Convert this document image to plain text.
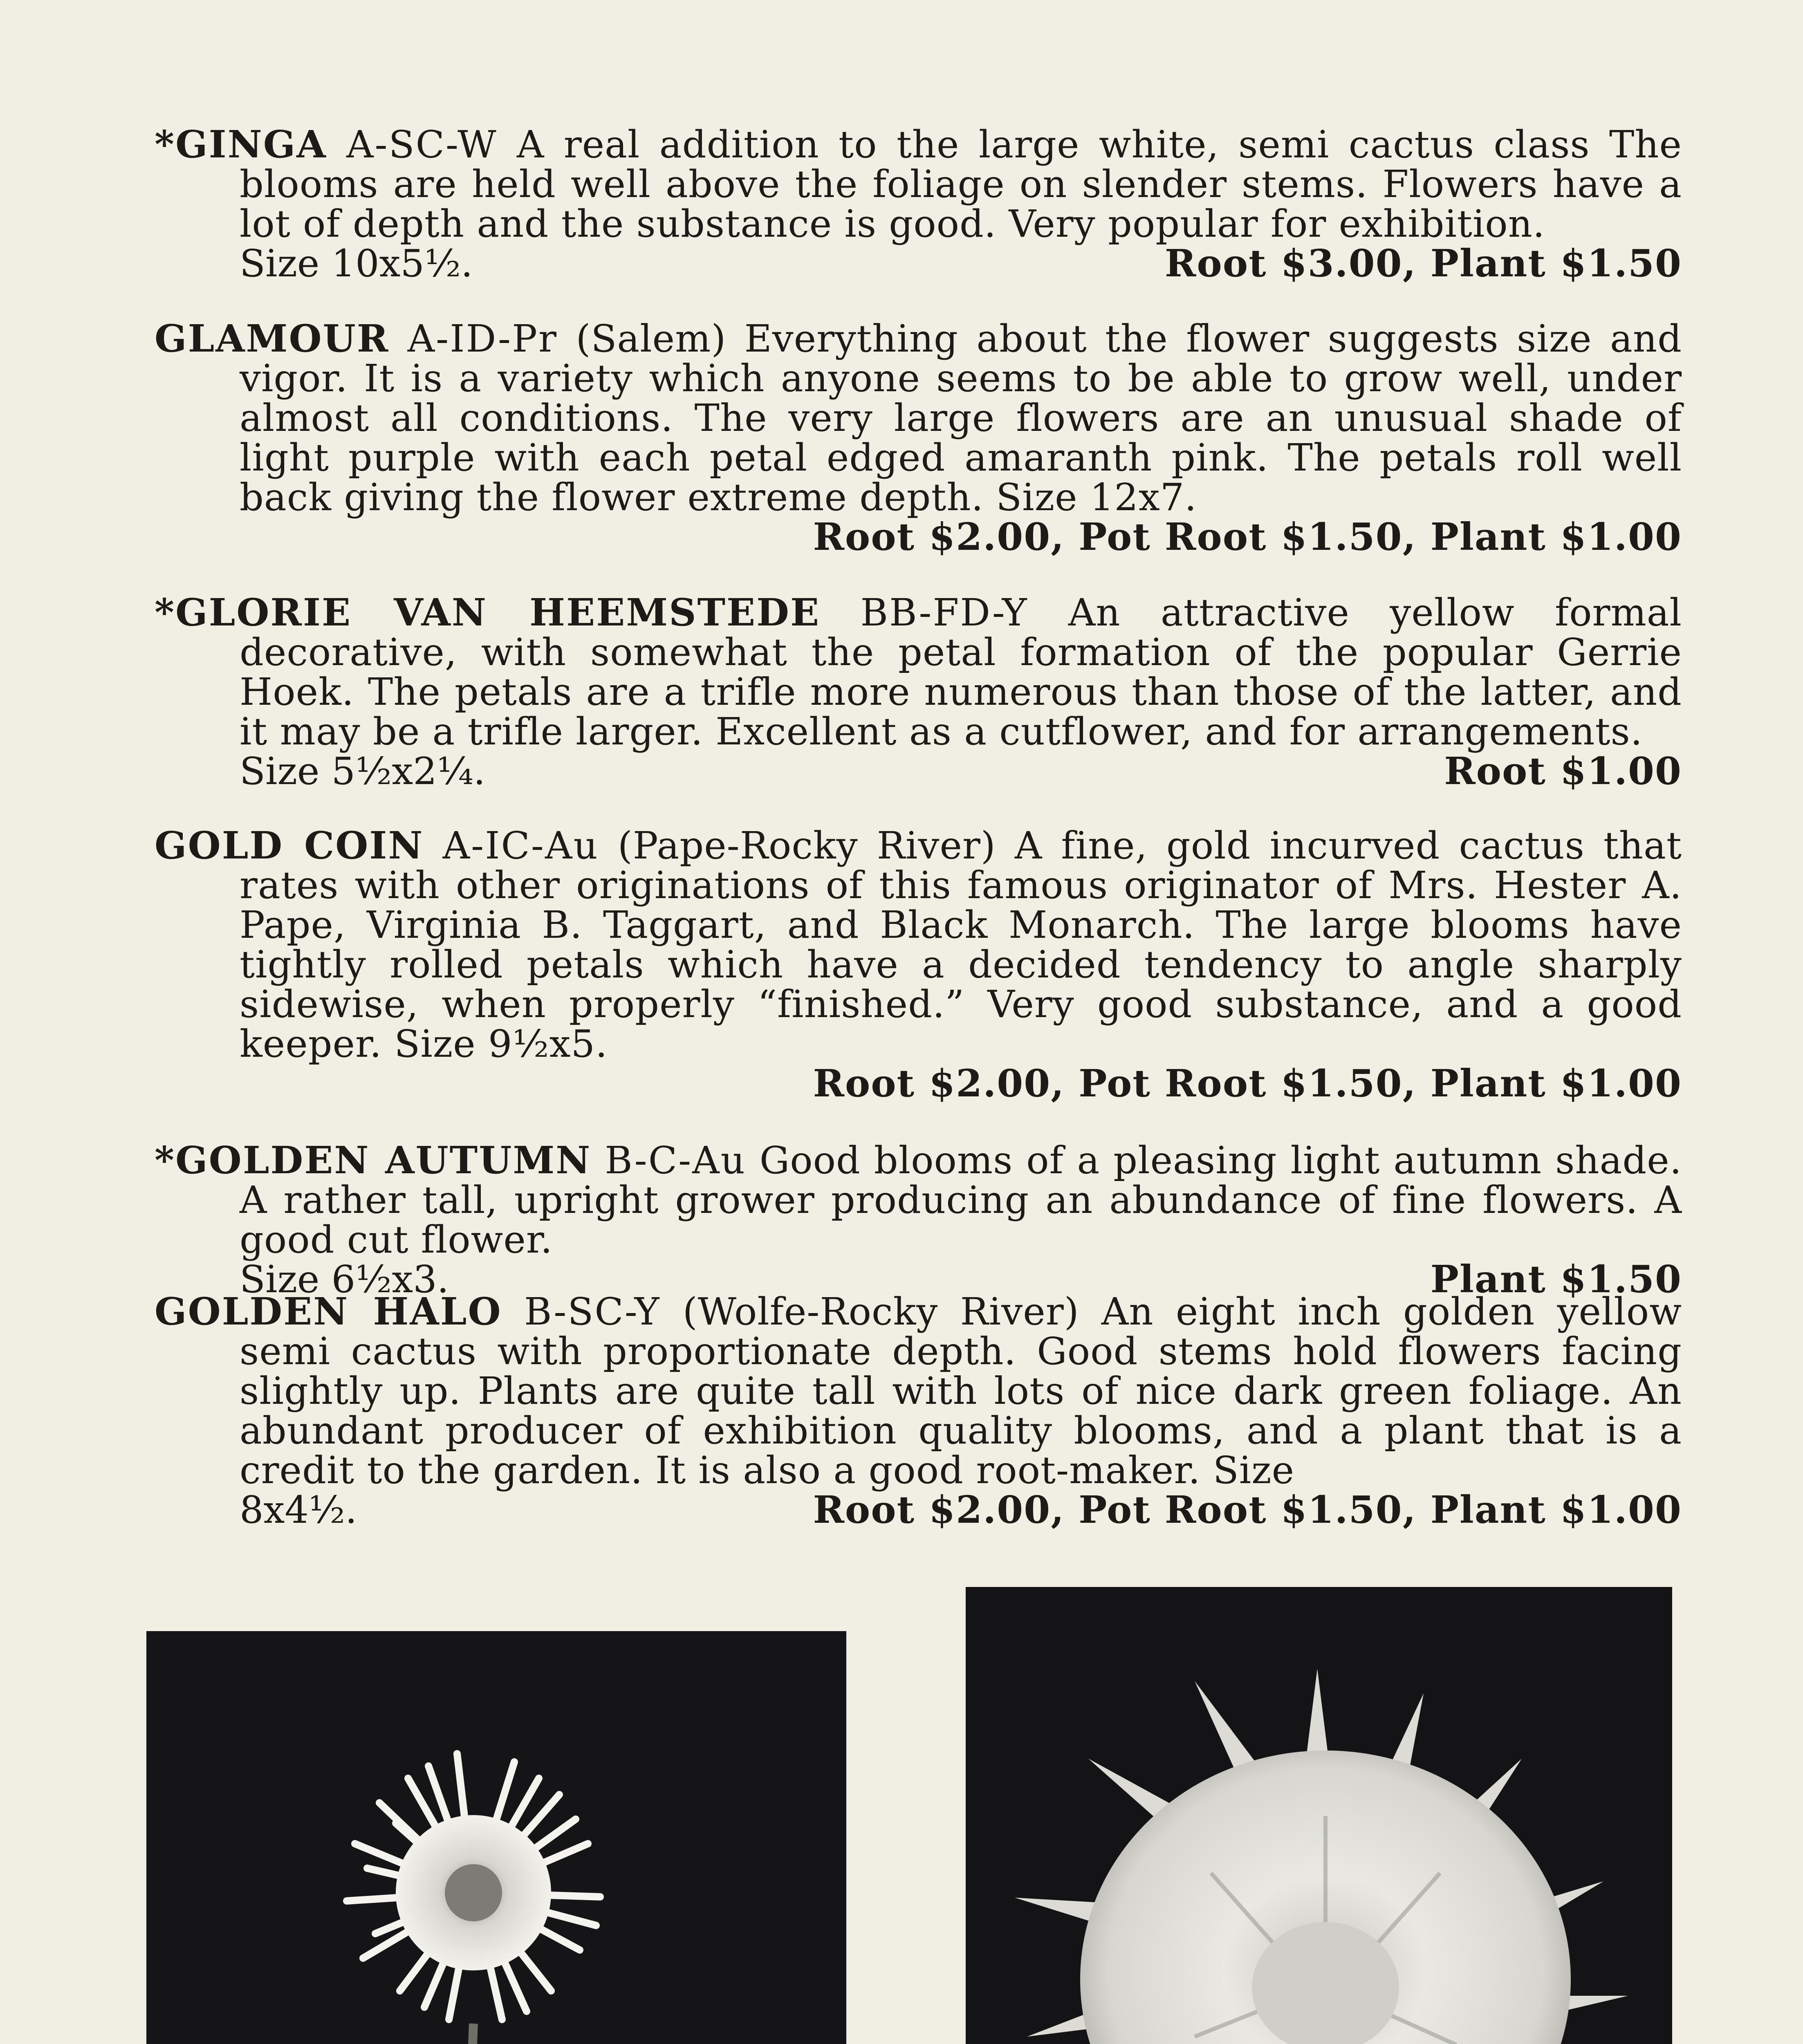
*GINGA A-SC-W A real addition to the large white, semi cactus class The blooms are held well above the foliage on slender stems. Flowers have a lot of depth and the substance is good. Very popular for exhibition.
Size 10x5½.	Root $3.00, Plant $1.50
GLAMOUR A-ID-Pr (Salem) Everything about the flower suggests size and vigor. It is a variety which anyone seems to be able to grow well, under almost all conditions. The very large flowers are an unusual shade of light purple with each petal edged amaranth pink. The petals roll well back giving the flower extreme depth. Size 12x7.
Root $2.00, Pot Root $1.50, Plant $1.00
*GLORIE VAN HEEMSTEDE BB-FD-Y An attractive yellow formal decorative, with somewhat the petal formation of the popular Gerrie Hoek. The petals are a trifle more numerous than those of the latter, and it may be a trifle larger. Excellent as a cutflower, and for arrangements.
Size 5½x2¼.	Root $1.00
GOLD COIN A-IC-Au (Pape-Rocky River) A fine, gold incurved cactus that rates with other originations of this famous originator of Mrs. Hester A. Pape, Virginia B. Taggart, and Black Monarch. The large blooms have tightly rolled petals which have a decided tendency to angle sharply sidewise, when properly “finished.” Very good substance, and a good keeper. Size 9½x5.
Root $2.00, Pot Root $1.50, Plant $1.00
*GOLDEN AUTUMN B-C-Au Good blooms of a pleasing light autumn shade. A rather tall, upright grower producing an abundance of fine flowers. A good cut flower.
Size 6½x3.	Plant $1.50
GOLDEN HALO B-SC-Y (Wolfe-Rocky River) An eight inch golden yellow semi cactus with proportionate depth. Good stems hold flowers facing slightly up. Plants are quite tall with lots of nice dark green foliage. An abundant producer of exhibition quality blooms, and a plant that is a credit to the garden. It is also a good root-maker. Size
8x4½.	Root $2.00, Pot Root $1.50, Plant $1.00
